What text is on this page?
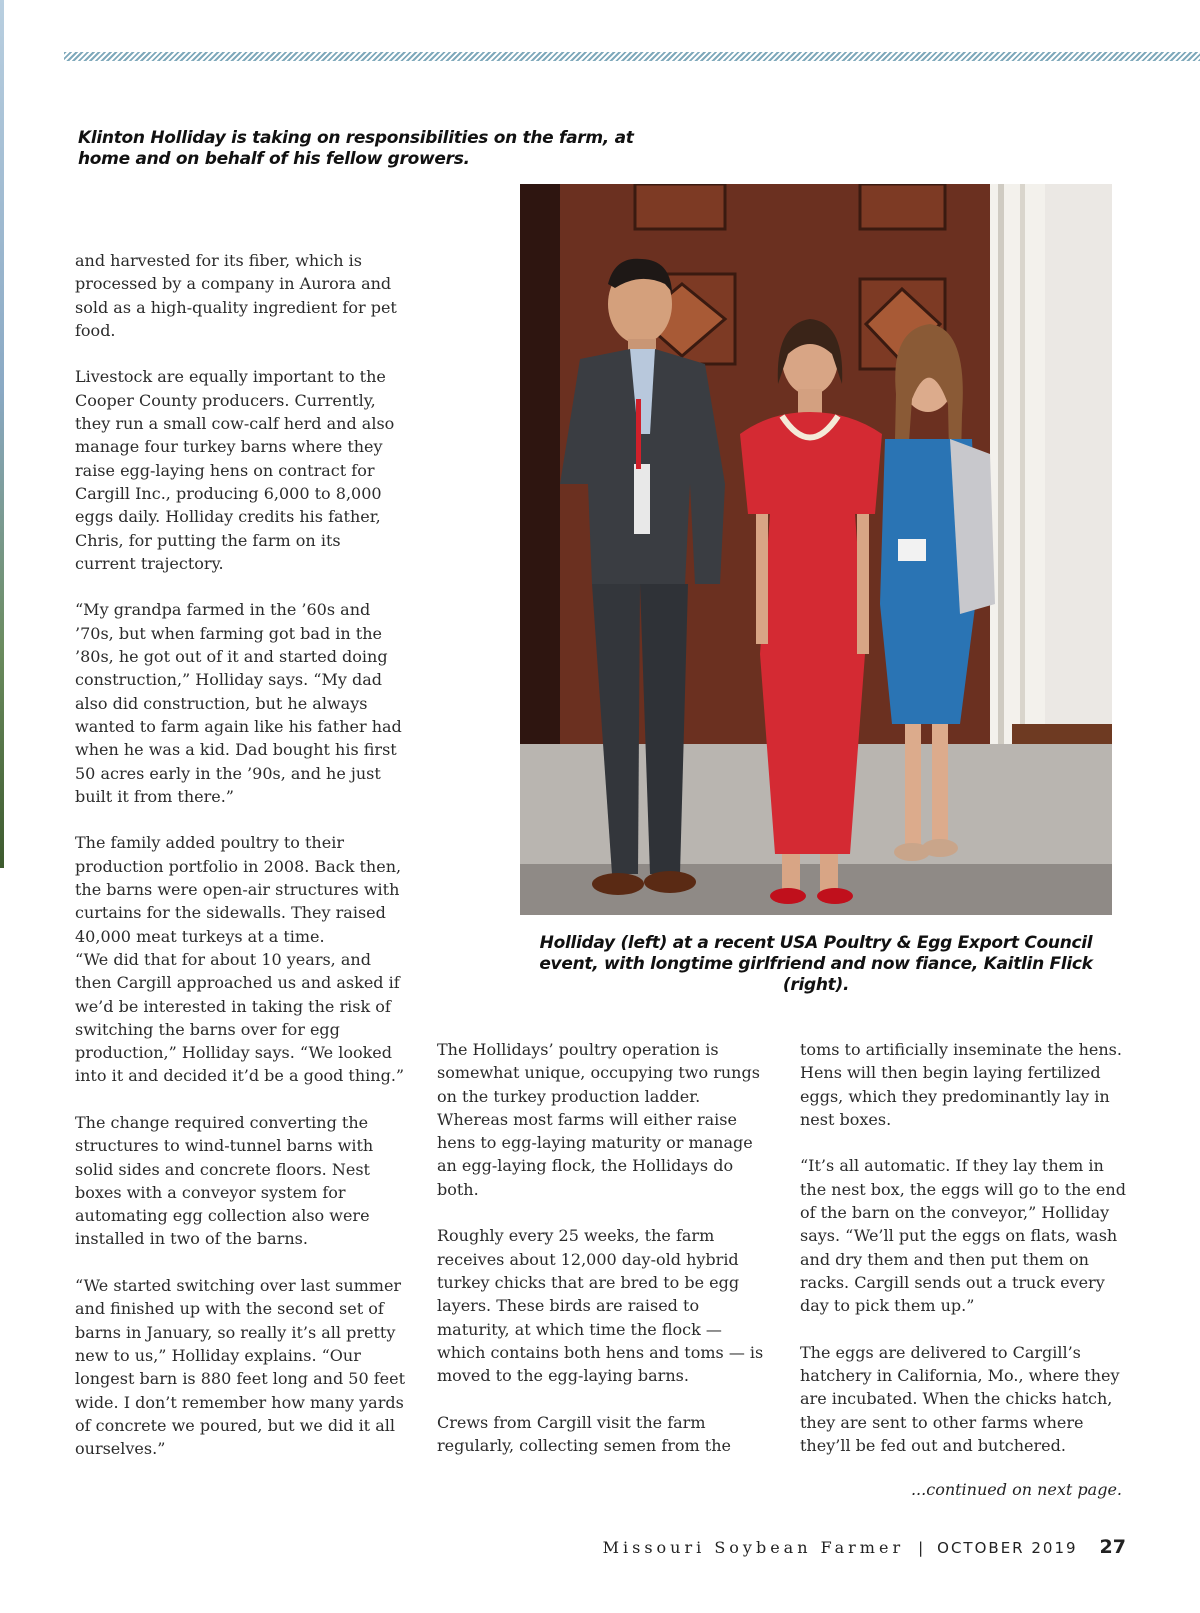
Klinton Holliday is taking on responsibilities on the farm, at home and on behalf of his fellow growers.

and harvested for its fiber, which is processed by a company in Aurora and sold as a high-quality ingredient for pet food.

Livestock are equally important to the Cooper County producers. Currently, they run a small cow-calf herd and also manage four turkey barns where they raise egg-laying hens on contract for Cargill Inc., producing 6,000 to 8,000 eggs daily. Holliday credits his father, Chris, for putting the farm on its current trajectory.

“My grandpa farmed in the ’60s and ’70s, but when farming got bad in the ’80s, he got out of it and started doing construction,” Holliday says. “My dad also did construction, but he always wanted to farm again like his father had when he was a kid. Dad bought his first 50 acres early in the ’90s, and he just built it from there.”

The family added poultry to their production portfolio in 2008. Back then, the barns were open-air structures with curtains for the sidewalls. They raised 40,000 meat turkeys at a time.

“We did that for about 10 years, and then Cargill approached us and asked if we’d be interested in taking the risk of switching the barns over for egg production,” Holliday says. “We looked into it and decided it’d be a good thing.”

The change required converting the structures to wind-tunnel barns with solid sides and concrete floors. Nest boxes with a conveyor system for automating egg collection also were installed in two of the barns.

“We started switching over last summer and finished up with the second set of barns in January, so really it’s all pretty new to us,” Holliday explains. “Our longest barn is 880 feet long and 50 feet wide. I don’t remember how many yards of concrete we poured, but we did it all ourselves.”

Holliday (left) at a recent USA Poultry & Egg Export Council event, with longtime girlfriend and now fiance, Kaitlin Flick (right).

The Hollidays’ poultry operation is somewhat unique, occupying two rungs on the turkey production ladder. Whereas most farms will either raise hens to egg-laying maturity or manage an egg-laying flock, the Hollidays do both.

Roughly every 25 weeks, the farm receives about 12,000 day-old hybrid turkey chicks that are bred to be egg layers. These birds are raised to maturity, at which time the flock — which contains both hens and toms — is moved to the egg-laying barns.

Crews from Cargill visit the farm regularly, collecting semen from the

toms to artificially inseminate the hens. Hens will then begin laying fertilized eggs, which they predominantly lay in nest boxes.

“It’s all automatic. If they lay them in the nest box, the eggs will go to the end of the barn on the conveyor,” Holliday says. “We’ll put the eggs on flats, wash and dry them and then put them on racks. Cargill sends out a truck every day to pick them up.”

The eggs are delivered to Cargill’s hatchery in California, Mo., where they are incubated. When the chicks hatch, they are sent to other farms where they’ll be fed out and butchered.

...continued on next page.
Missouri Soybean Farmer | OCTOBER 2019 27
